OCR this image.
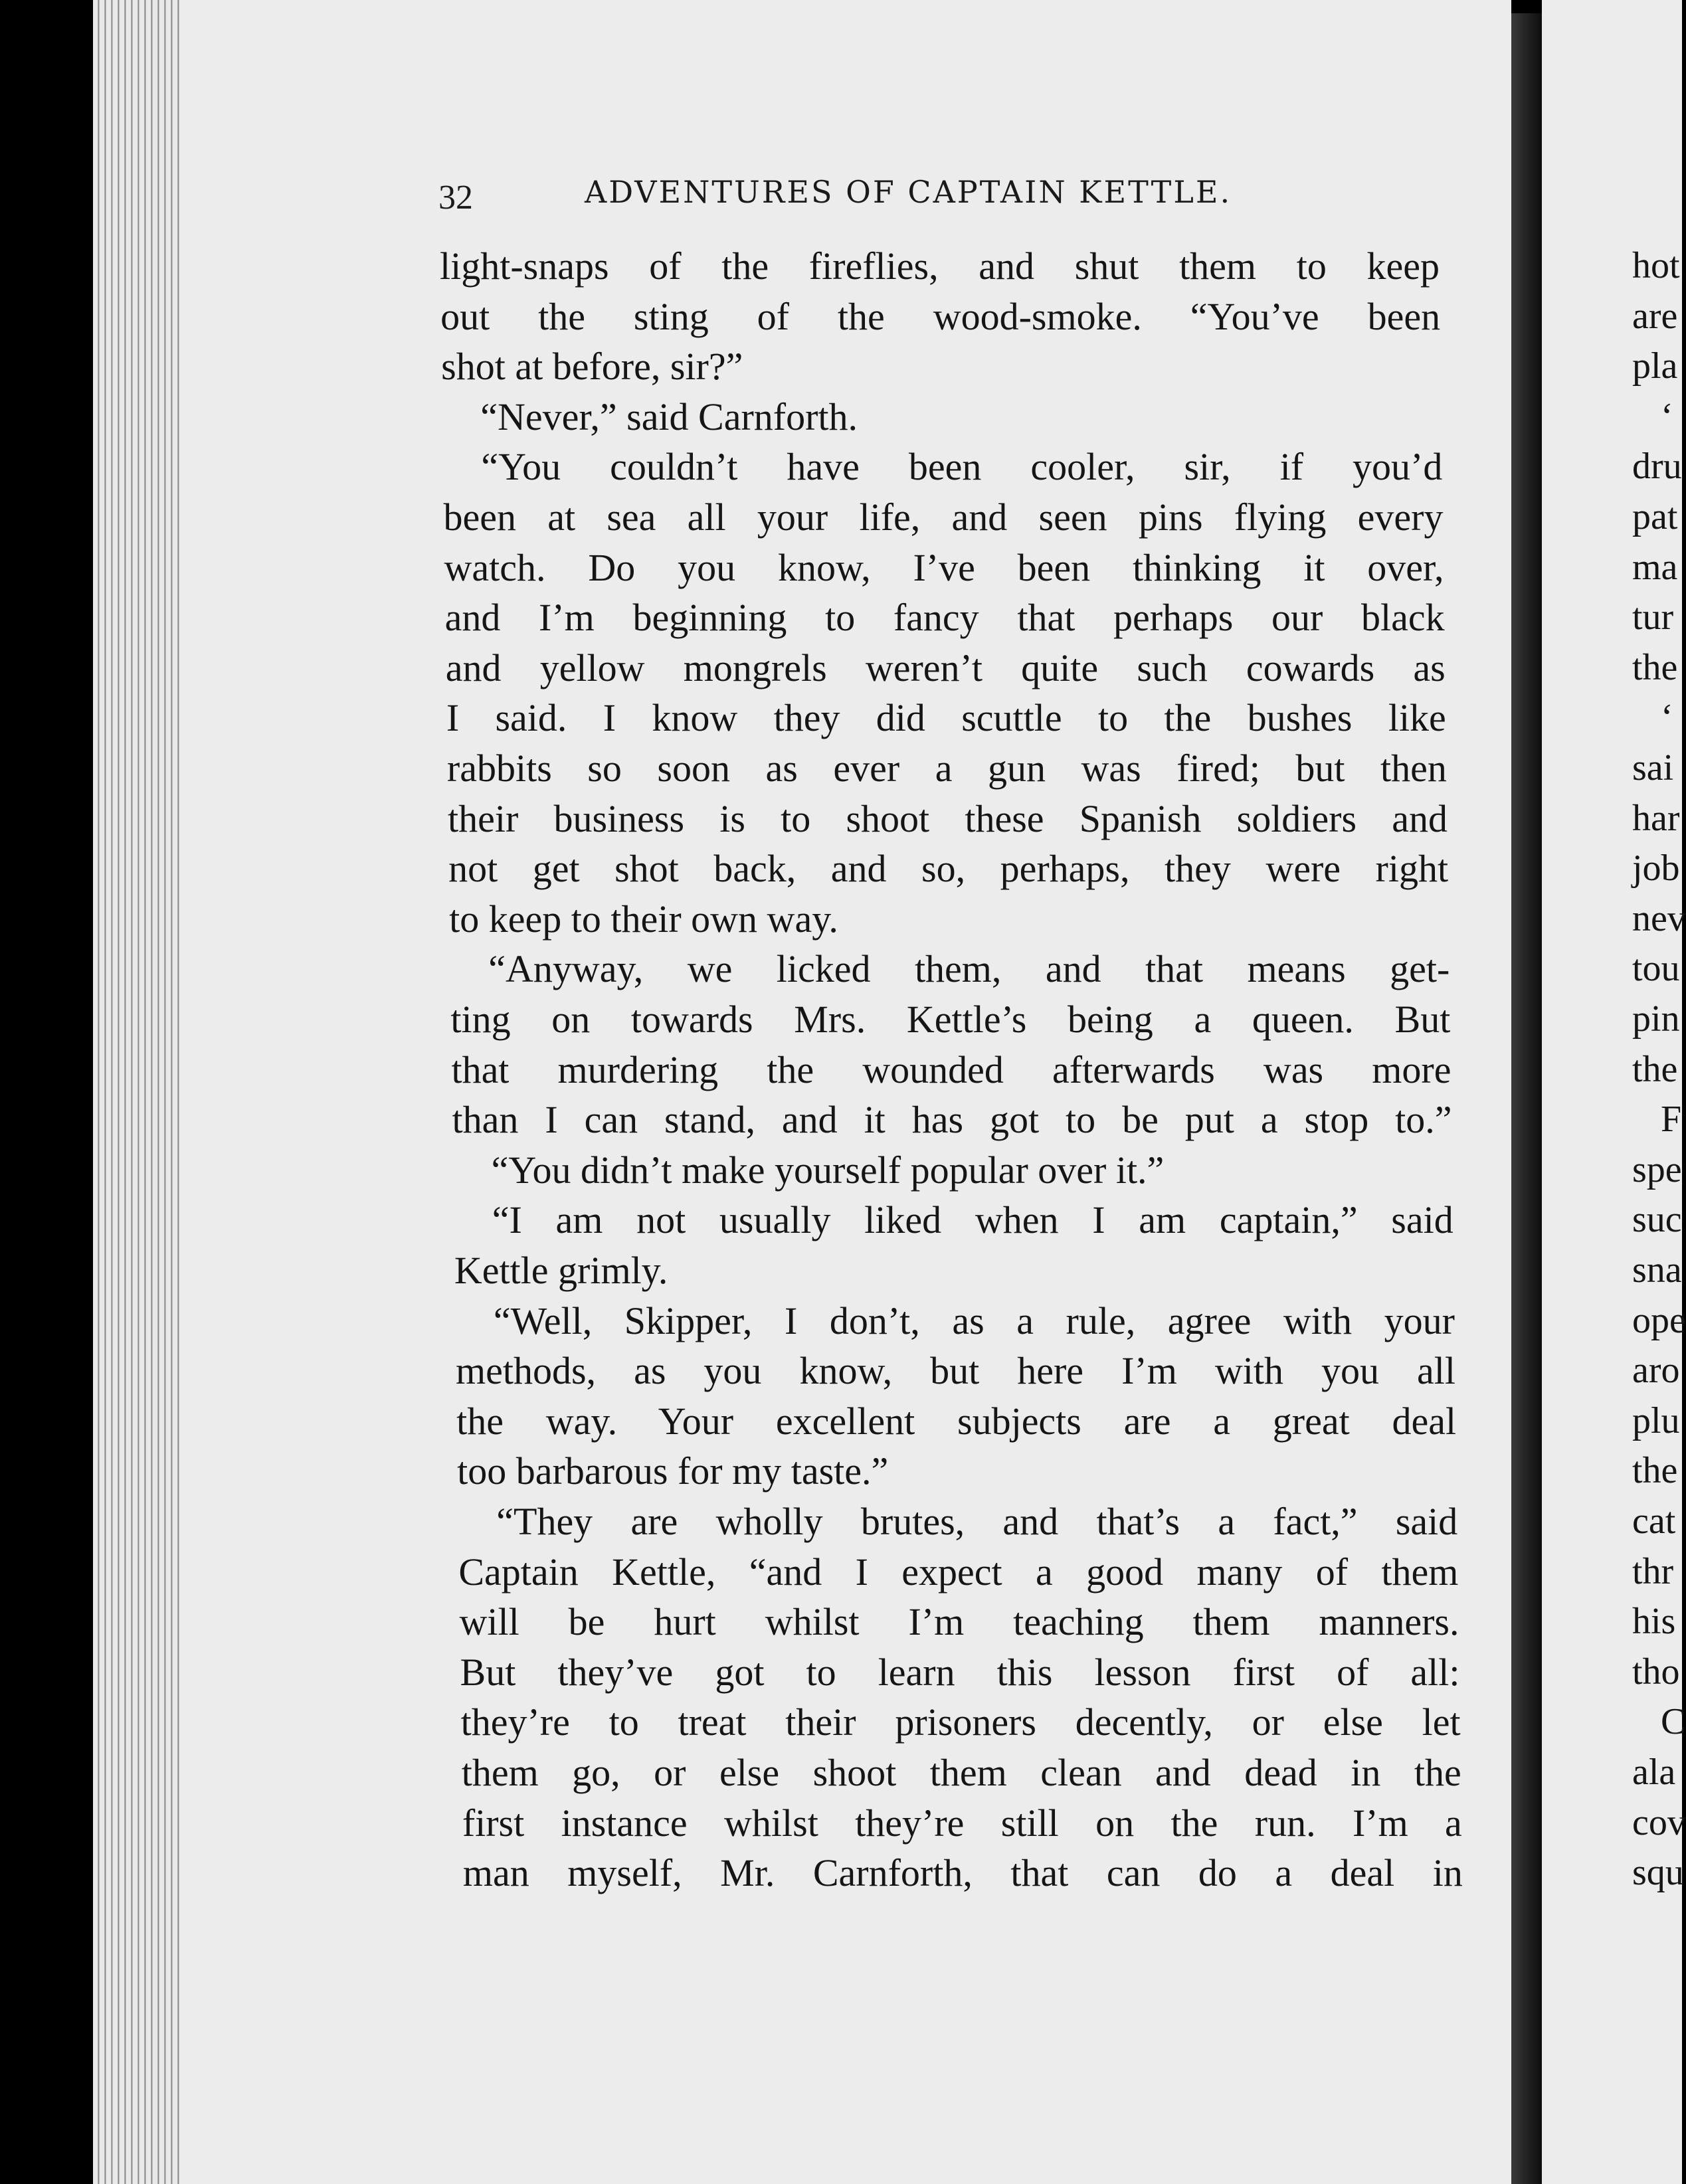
32	ADVENTURES OF CAPTAIN KETTLE.
light-snaps of the fireflies, and shut them to keep
out the sting of the wood-smoke. “You’ve been
shot at before, sir?”
“Never,” said Carnforth.
“You couldn’t have been cooler, sir, if you’d
been at sea all your life, and seen pins flying every
watch. Do you know, I’ve been thinking it over,
and I’m beginning to fancy that perhaps our black
and yellow mongrels weren’t quite such cowards as
I said. I know they did scuttle to the bushes like
rabbits so soon as ever a gun was fired; but then
their business is to shoot these Spanish soldiers and
not get shot back, and so, perhaps, they were right
to keep to their own way.
“Anyway, we licked them, and that means get-
ting on towards Mrs. Kettle’s being a queen. But
that murdering the wounded afterwards was more
than I can stand, and it has got to be put a stop to.”
“You didn’t make yourself popular over it.”
“I am not usually liked when I am captain,” said
Kettle grimly.
“Well, Skipper, I don’t, as a rule, agree with your
methods, as you know, but here I’m with you all
the way. Your excellent subjects are a great deal
too barbarous for my taste.”
“They are wholly brutes, and that’s a fact,” said
Captain Kettle, “and I expect a good many of them
will be hurt whilst I’m teaching them manners.
But they’ve got to learn this lesson first of all:
they’re to treat their prisoners decently, or else let
them go, or else shoot them clean and dead in the
first instance whilst they’re still on the run. I’m a
man myself, Mr. Carnforth, that can do a deal in
hot
are
pla
‘
dru
pat
ma
tur
the
‘
sai
har
job
nev
tou
pin
the
F
spe
suc
sna
ope
aro
plu
the
cat
thr
his
tho
C
ala
cov
squ
